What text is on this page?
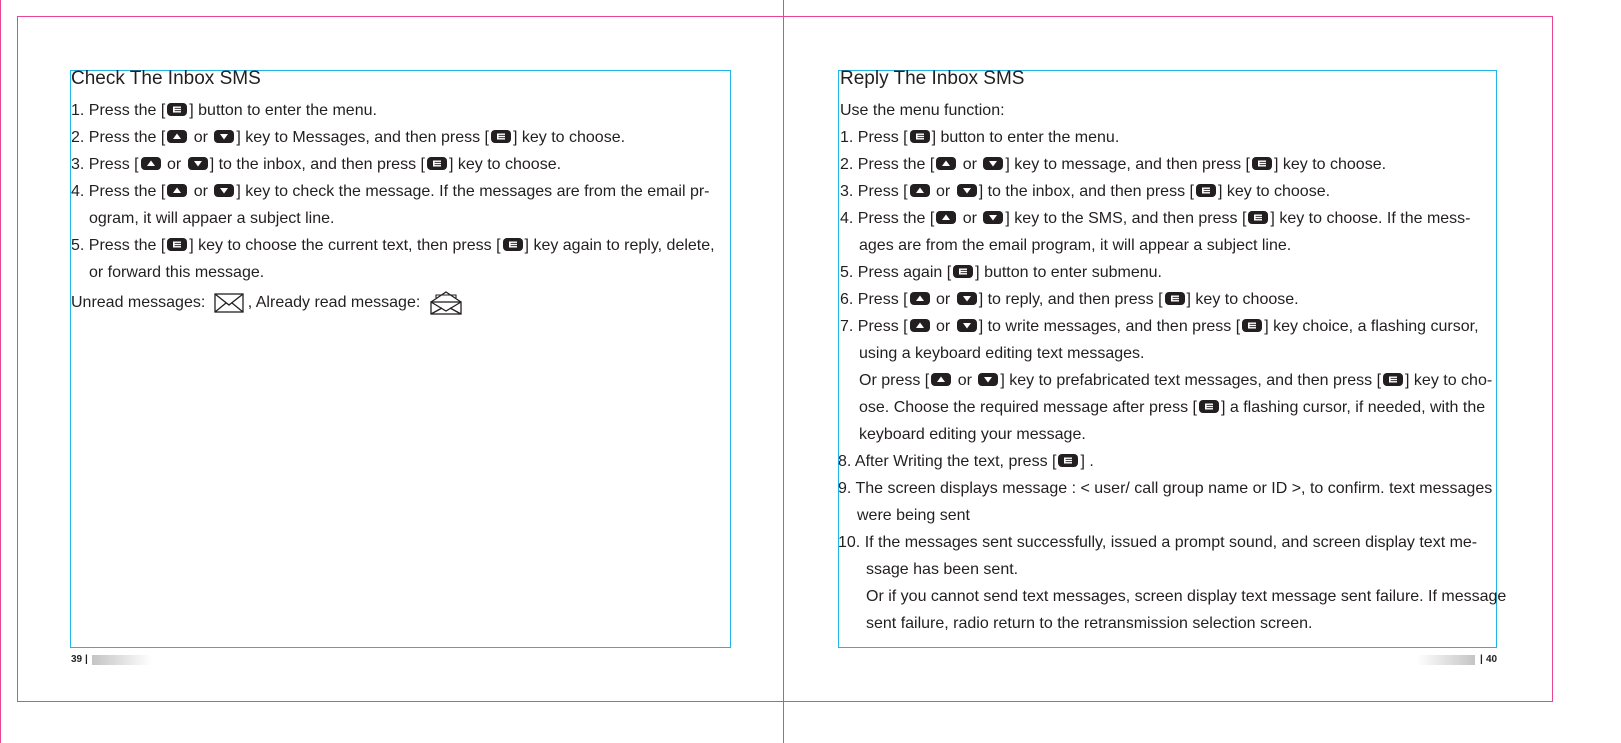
Check The Inbox SMS
1. Press the [ ] button to enter the menu.
2. Press the [ or ] key to Messages, and then press [ ] key to choose.
3. Press [ or ] to the inbox, and then press [ ] key to choose.
4. Press the [ or ] key to check the message. If the messages are from the email pr-
ogram, it will appaer a subject line.
5. Press the [ ] key to choose the current text, then press [ ] key again to reply, delete,
or forward this message.
Unread messages:	, Already read message:
39 |
Reply The Inbox SMS
Use the menu function:
1. Press [ ] button to enter the menu.
2. Press the [ or ] key to message, and then press [ ] key to choose.
3. Press [ or ] to the inbox, and then press [ ] key to choose.
4. Press the [ or ] key to the SMS, and then press [ ] key to choose. If the mess-
ages are from the email program, it will appear a subject line.
5. Press again [ ] button to enter submenu.
6. Press [ or ] to reply, and then press [ ] key to choose.
7. Press [ or ] to write messages, and then press [ ] key choice, a flashing cursor,
using a keyboard editing text messages.
Or press [ or ] key to prefabricated text messages, and then press [ ] key to cho-
ose. Choose the required message after press [ ] a flashing cursor, if needed, with the
keyboard editing your message.
8. After Writing the text, press [ ] .
9. The screen displays message : < user/ call group name or ID >, to confirm. text messages
were being sent
10. If the messages sent successfully, issued a prompt sound, and screen display text me-
ssage has been sent.
Or if you cannot send text messages, screen display text message sent failure. If message
sent failure, radio return to the retransmission selection screen.
| 40
